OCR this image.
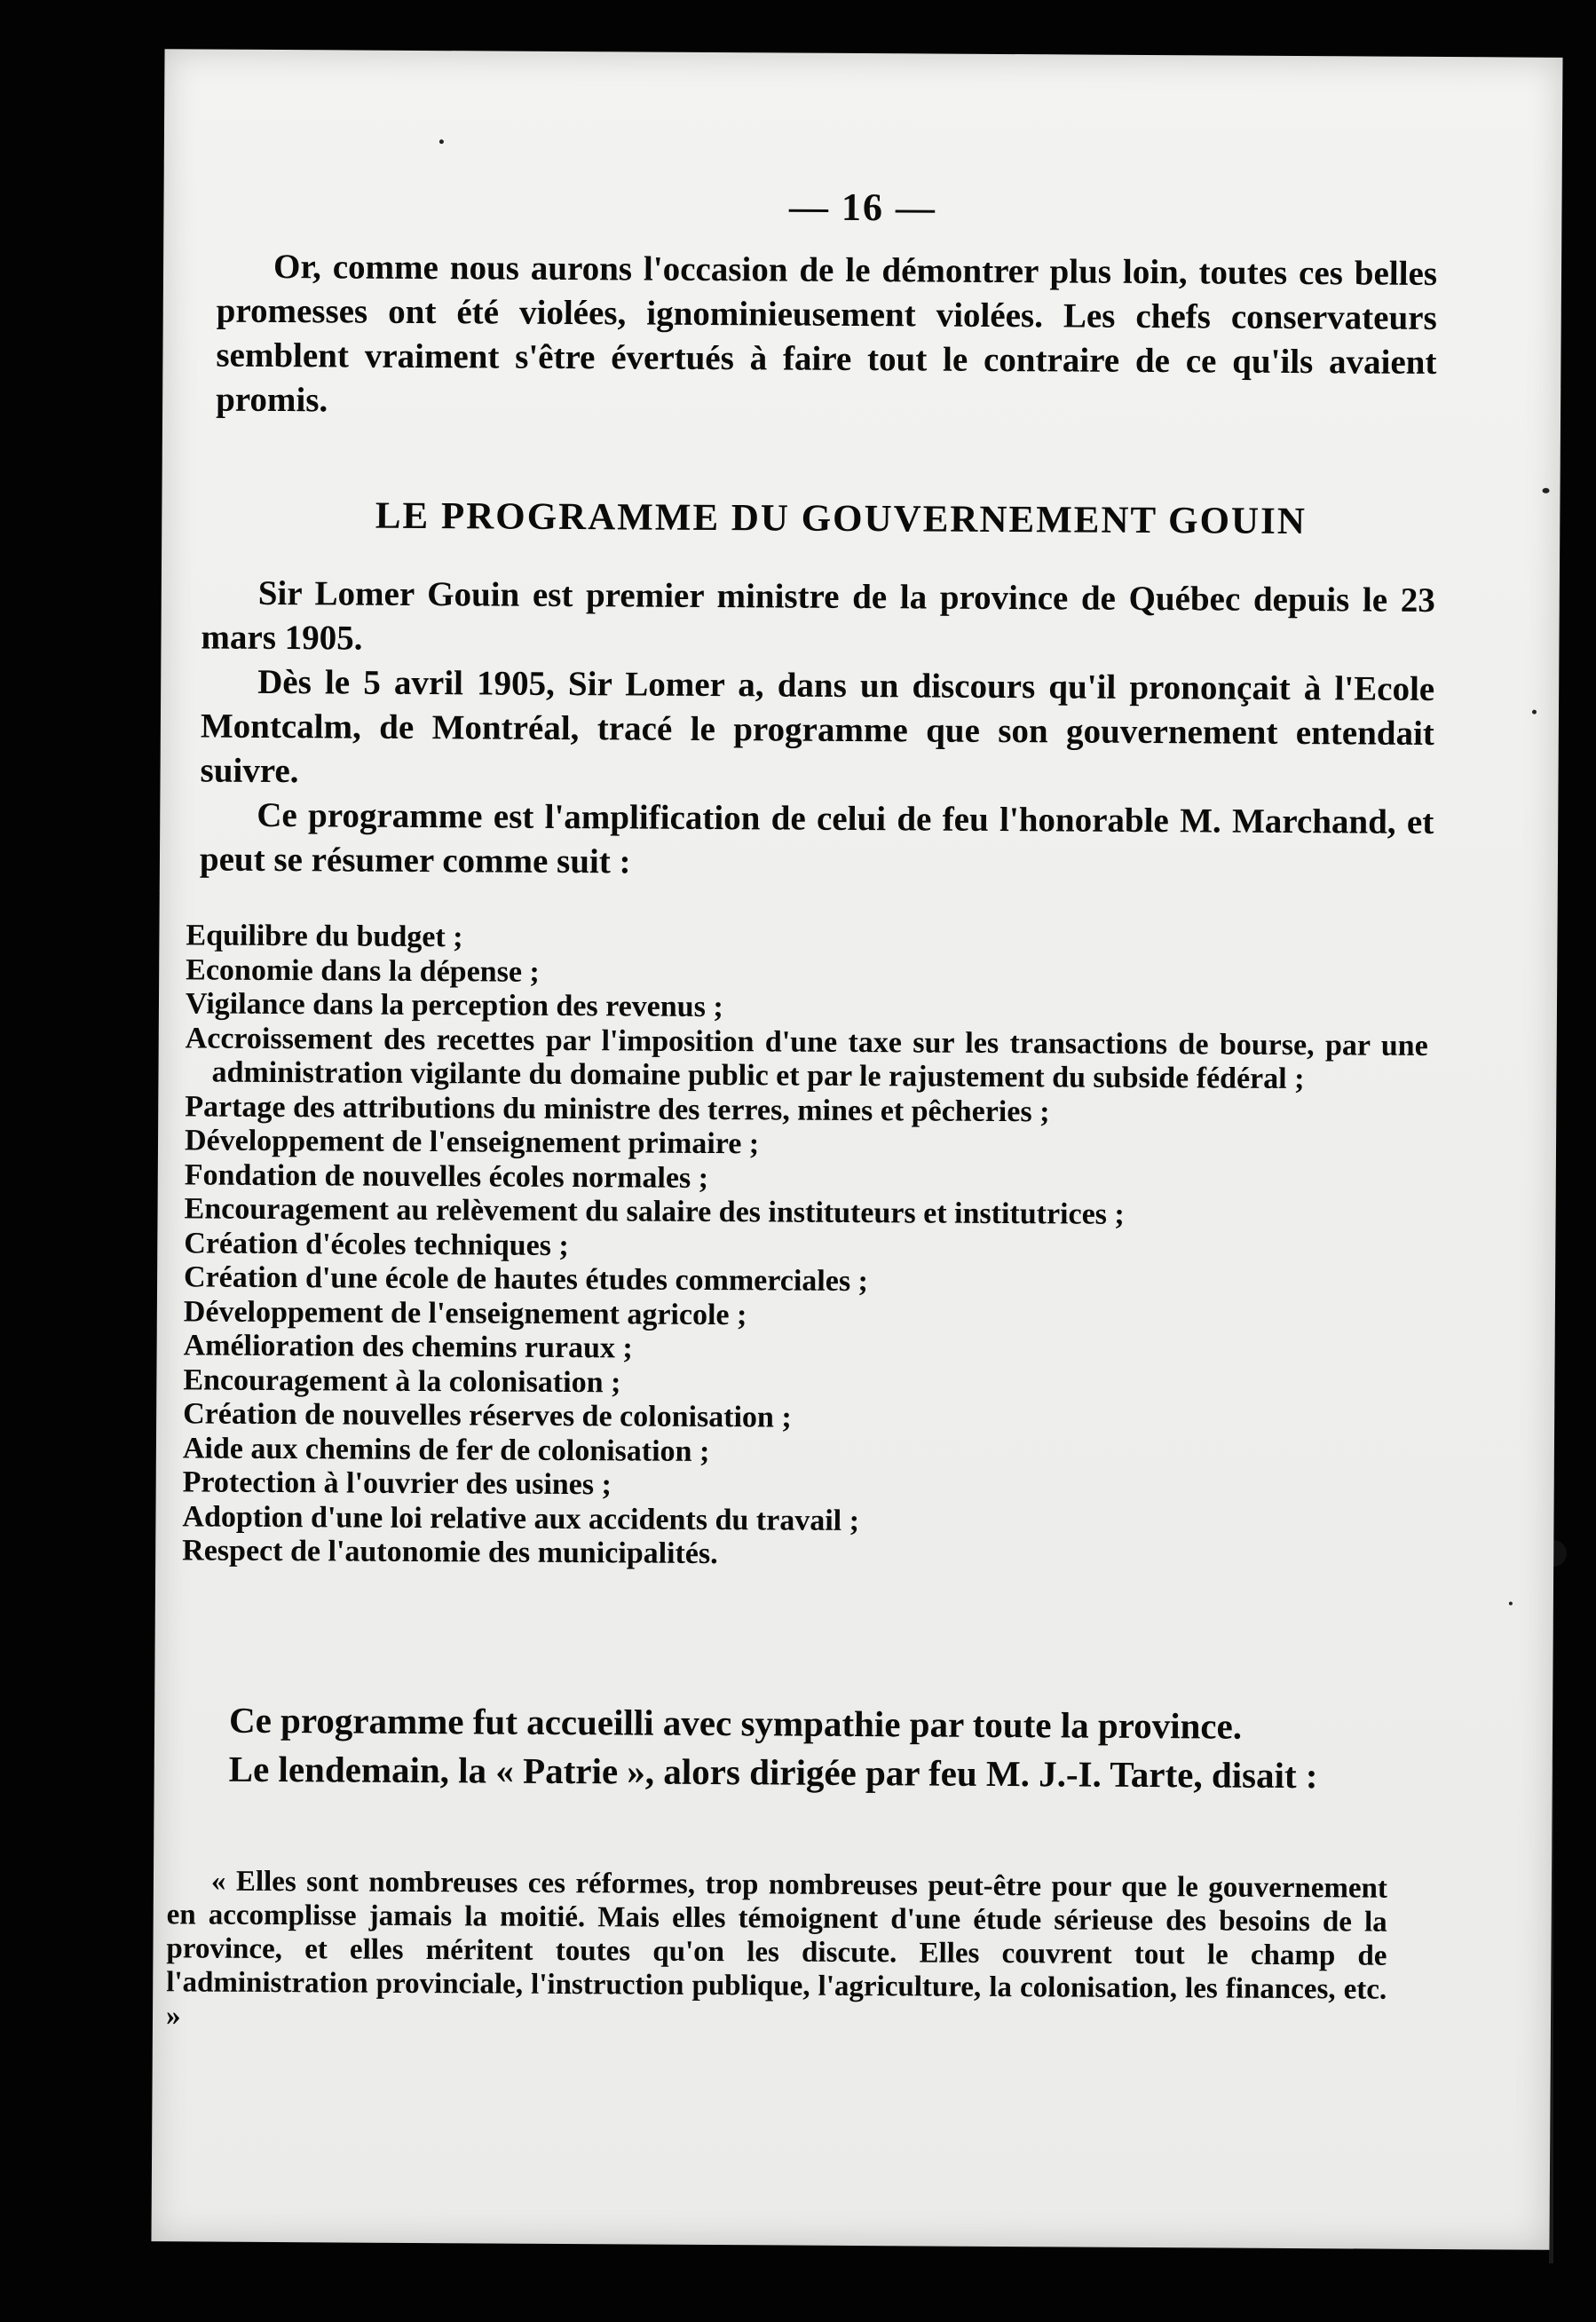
— 16 —

Or, comme nous aurons l'occasion de le démontrer plus loin, toutes ces belles promesses ont été violées, ignominieusement violées. Les chefs conservateurs semblent vraiment s'être évertués à faire tout le contraire de ce qu'ils avaient promis.

LE PROGRAMME DU GOUVERNEMENT GOUIN

Sir Lomer Gouin est premier ministre de la province de Québec depuis le 23 mars 1905.

Dès le 5 avril 1905, Sir Lomer a, dans un discours qu'il prononçait à l'Ecole Montcalm, de Montréal, tracé le programme que son gouvernement entendait suivre.

Ce programme est l'amplification de celui de feu l'honorable M. Marchand, et peut se résumer comme suit :

Equilibre du budget ;
Economie dans la dépense ;
Vigilance dans la perception des revenus ;
Accroissement des recettes par l'imposition d'une taxe sur les transactions de bourse, par une administration vigilante du domaine public et par le rajustement du subside fédéral ;
Partage des attributions du ministre des terres, mines et pêcheries ;
Développement de l'enseignement primaire ;
Fondation de nouvelles écoles normales ;
Encouragement au relèvement du salaire des instituteurs et institutrices ;
Création d'écoles techniques ;
Création d'une école de hautes études commerciales ;
Développement de l'enseignement agricole ;
Amélioration des chemins ruraux ;
Encouragement à la colonisation ;
Création de nouvelles réserves de colonisation ;
Aide aux chemins de fer de colonisation ;
Protection à l'ouvrier des usines ;
Adoption d'une loi relative aux accidents du travail ;
Respect de l'autonomie des municipalités.

Ce programme fut accueilli avec sympathie par toute la province.

Le lendemain, la « Patrie », alors dirigée par feu M. J.-I. Tarte, disait :

« Elles sont nombreuses ces réformes, trop nombreuses peut-être pour que le gouvernement en accomplisse jamais la moitié. Mais elles témoignent d'une étude sérieuse des besoins de la province, et elles méritent toutes qu'on les discute. Elles couvrent tout le champ de l'administration provinciale, l'instruction publique, l'agriculture, la colonisation, les finances, etc. »
